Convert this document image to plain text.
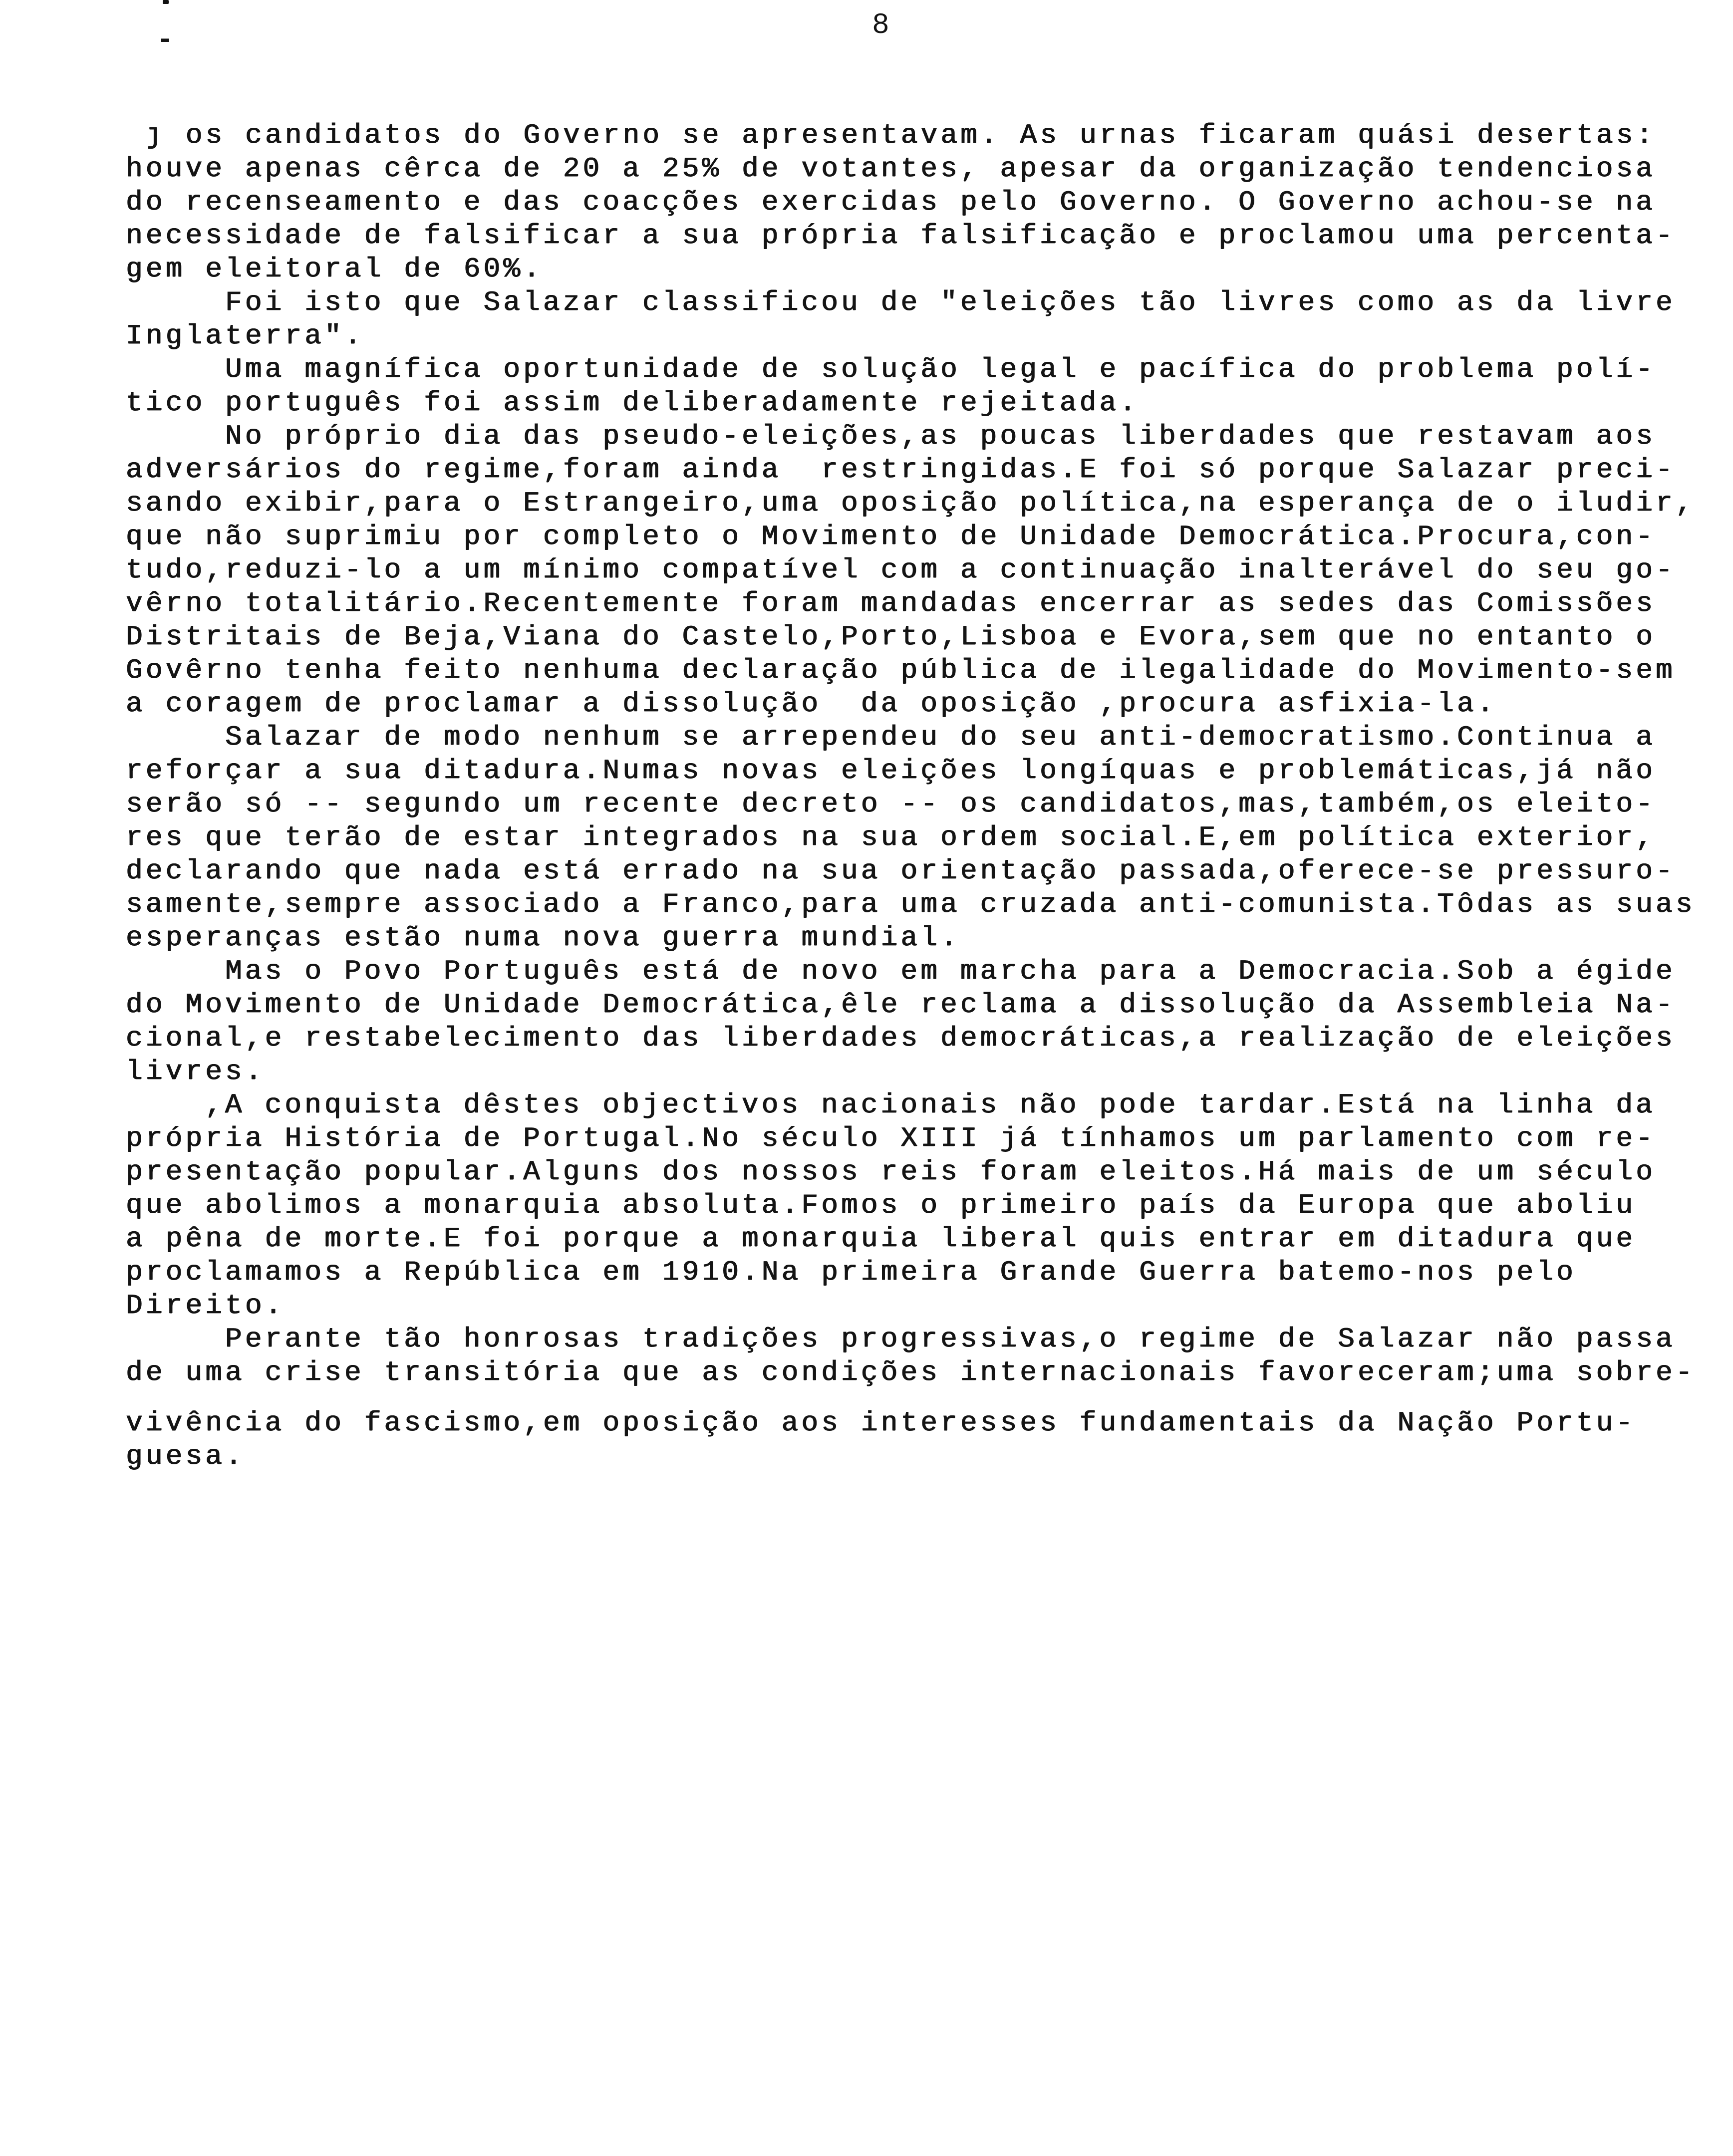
-	8
ȷ os candidatos do Governo se apresentavam. As urnas ficaram quási desertas:
houve apenas cêrca de 20 a 25% de votantes, apesar da organização tendenciosa
do recenseamento e das coacções exercidas pelo Governo. O Governo achou-se na
necessidade de falsificar a sua própria falsificação e proclamou uma percenta-
gem eleitoral de 60%.
Foi isto que Salazar classificou de "eleições tão livres como as da livre
Inglaterra".
Uma magnífica oportunidade de solução legal e pacífica do problema polí-
tico português foi assim deliberadamente rejeitada.
No próprio dia das pseudo-eleições,as poucas liberdades que restavam aos
adversários do regime,foram ainda  restringidas.E foi só porque Salazar preci-
sando exibir,para o Estrangeiro,uma oposição política,na esperança de o iludir,
que não suprimiu por completo o Movimento de Unidade Democrática.Procura,con-
tudo,reduzi-lo a um mínimo compatível com a continuação inalterável do seu go-
vêrno totalitário.Recentemente foram mandadas encerrar as sedes das Comissões
Distritais de Beja,Viana do Castelo,Porto,Lisboa e Evora,sem que no entanto o
Govêrno tenha feito nenhuma declaração pública de ilegalidade do Movimento-sem
a coragem de proclamar a dissolução  da oposição ,procura asfixia-la.
Salazar de modo nenhum se arrependeu do seu anti-democratismo.Continua a
reforçar a sua ditadura.Numas novas eleições longíquas e problemáticas,já não
serão só -- segundo um recente decreto -- os candidatos,mas,também,os eleito-
res que terão de estar integrados na sua ordem social.E,em política exterior,
declarando que nada está errado na sua orientação passada,oferece-se pressuro-
samente,sempre associado a Franco,para uma cruzada anti-comunista.Tôdas as suas
esperanças estão numa nova guerra mundial.
Mas o Povo Português está de novo em marcha para a Democracia.Sob a égide
do Movimento de Unidade Democrática,êle reclama a dissolução da Assembleia Na-
cional,e restabelecimento das liberdades democráticas,a realização de eleições
livres.
,A conquista dêstes objectivos nacionais não pode tardar.Está na linha da
própria História de Portugal.No século XIII já tínhamos um parlamento com re-
presentação popular.Alguns dos nossos reis foram eleitos.Há mais de um século
que abolimos a monarquia absoluta.Fomos o primeiro país da Europa que aboliu
a pêna de morte.E foi porque a monarquia liberal quis entrar em ditadura que
proclamamos a República em 1910.Na primeira Grande Guerra batemo-nos pelo
Direito.
Perante tão honrosas tradições progressivas,o regime de Salazar não passa
de uma crise transitória que as condições internacionais favoreceram;uma sobre-
vivência do fascismo,em oposição aos interesses fundamentais da Nação Portu-
guesa.
